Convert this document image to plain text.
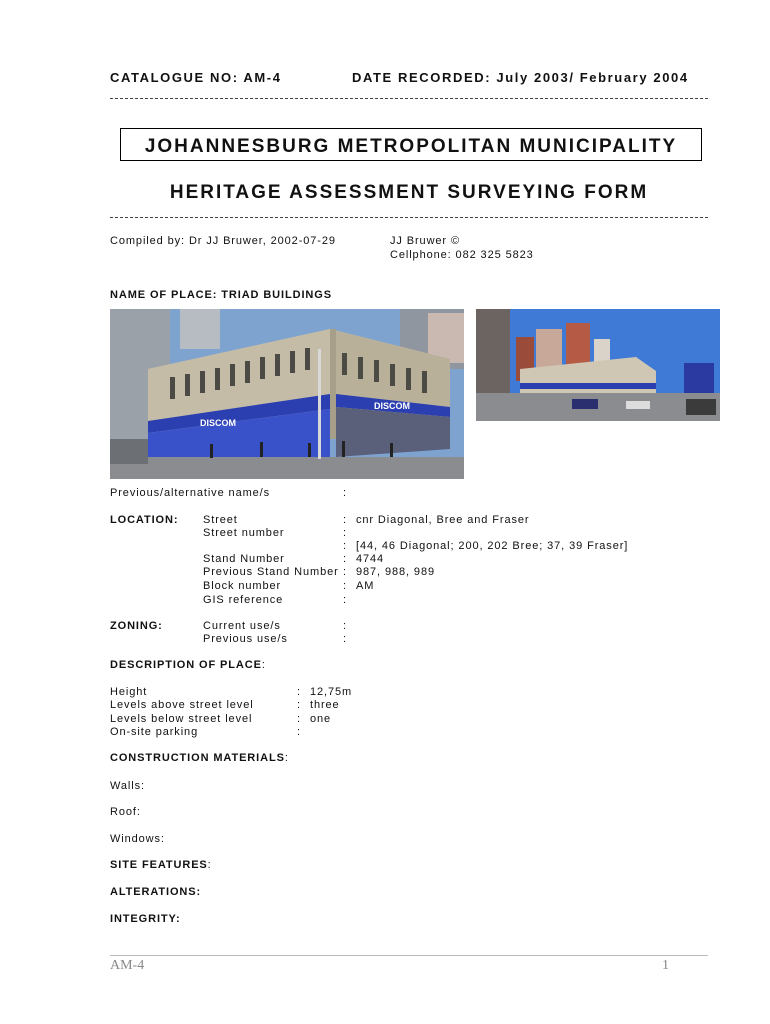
CATALOGUE NO: AM-4	DATE RECORDED: July 2003/ February 2004
JOHANNESBURG METROPOLITAN MUNICIPALITY
HERITAGE ASSESSMENT SURVEYING FORM
Compiled by: Dr JJ Bruwer, 2002-07-29	JJ Bruwer ©
Cellphone: 082 325 5823
NAME OF PLACE: TRIAD BUILDINGS
DISCOM
DISCOM
Previous/alternative name/s	:
LOCATION: Street	: cnr Diagonal, Bree and Fraser
Street number	:
: [44, 46 Diagonal; 200, 202 Bree; 37, 39 Fraser]
Stand Number	: 4744
Previous Stand Number : 987, 988, 989
Block number	: AM
GIS reference	:
ZONING:	Current use/s	:
Previous use/s	:
DESCRIPTION OF PLACE:
Height	: 12,75m
Levels above street level	: three
Levels below street level	: one
On-site parking	:
CONSTRUCTION MATERIALS:
Walls:
Roof:
Windows:
SITE FEATURES:
ALTERATIONS:
INTEGRITY:
AM-4	1
